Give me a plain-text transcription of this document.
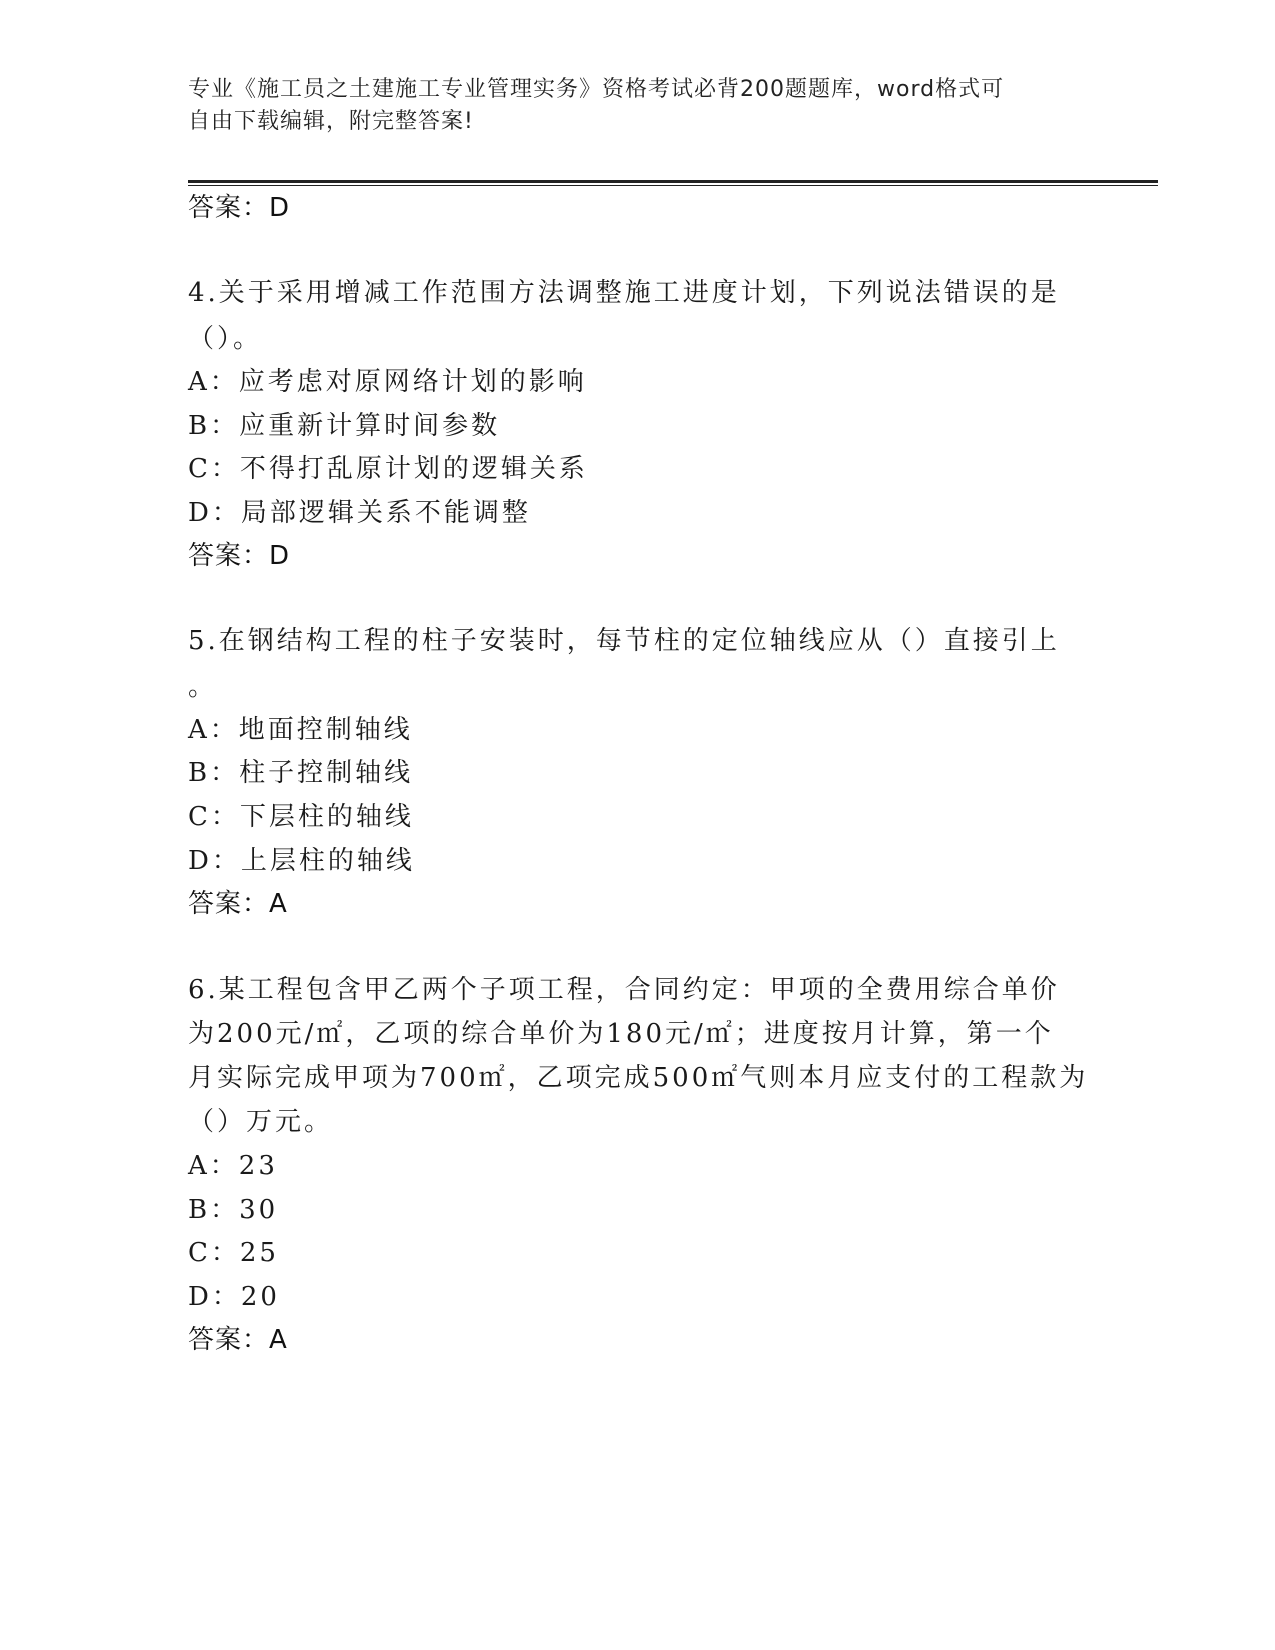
专业《施工员之土建施工专业管理实务》资格考试必背200题题库，word格式可
自由下载编辑，附完整答案!
答案：D
4.关于采用增减工作范围方法调整施工进度计划，下列说法错误的是
（）。
A：应考虑对原网络计划的影响
B：应重新计算时间参数
C：不得打乱原计划的逻辑关系
D：局部逻辑关系不能调整
答案：D
5.在钢结构工程的柱子安装时，每节柱的定位轴线应从（）直接引上
。
A：地面控制轴线
B：柱子控制轴线
C：下层柱的轴线
D：上层柱的轴线
答案：A
6.某工程包含甲乙两个子项工程，合同约定：甲项的全费用综合单价
为200元/㎡，乙项的综合单价为180元/㎡；进度按月计算，第一个
月实际完成甲项为700㎡，乙项完成500㎡气则本月应支付的工程款为
（）万元。
A：23
B：30
C：25
D：20
答案：A
